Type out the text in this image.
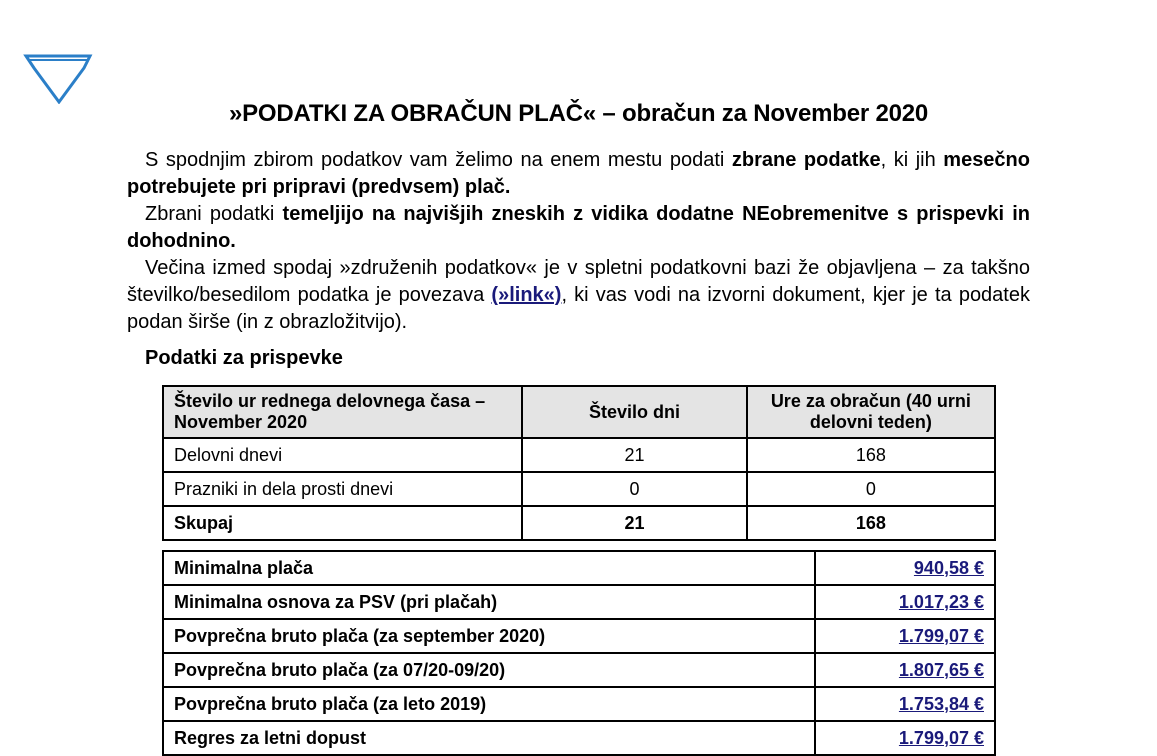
»PODATKI ZA OBRAČUN PLAČ« – obračun za November 2020

S spodnjim zbirom podatkov vam želimo na enem mestu podati zbrane podatke, ki jih mesečno potrebujete pri pripravi (predvsem) plač.

Zbrani podatki temeljijo na najvišjih zneskih z vidika dodatne NEobremenitve s prispevki in dohodnino.

Večina izmed spodaj »združenih podatkov« je v spletni podatkovni bazi že objavljena – za takšno številko/besedilom podatka je povezava (»link«), ki vas vodi na izvorni dokument, kjer je ta podatek podan širše (in z obrazložitvijo).

Podatki za prispevke
Število ur rednega delovnega časa – November 2020	Število dni	Ure za obračun (40 urni delovni teden)
Delovni dnevi	21	168
Prazniki in dela prosti dnevi	0	0
Skupaj	21	168
Minimalna plača	940,58 €
Minimalna osnova za PSV (pri plačah)	1.017,23 €
Povprečna bruto plača (za september 2020)	1.799,07 €
Povprečna bruto plača (za 07/20-09/20)	1.807,65 €
Povprečna bruto plača (za leto 2019)	1.753,84 €
Regres za letni dopust	1.799,07 €
